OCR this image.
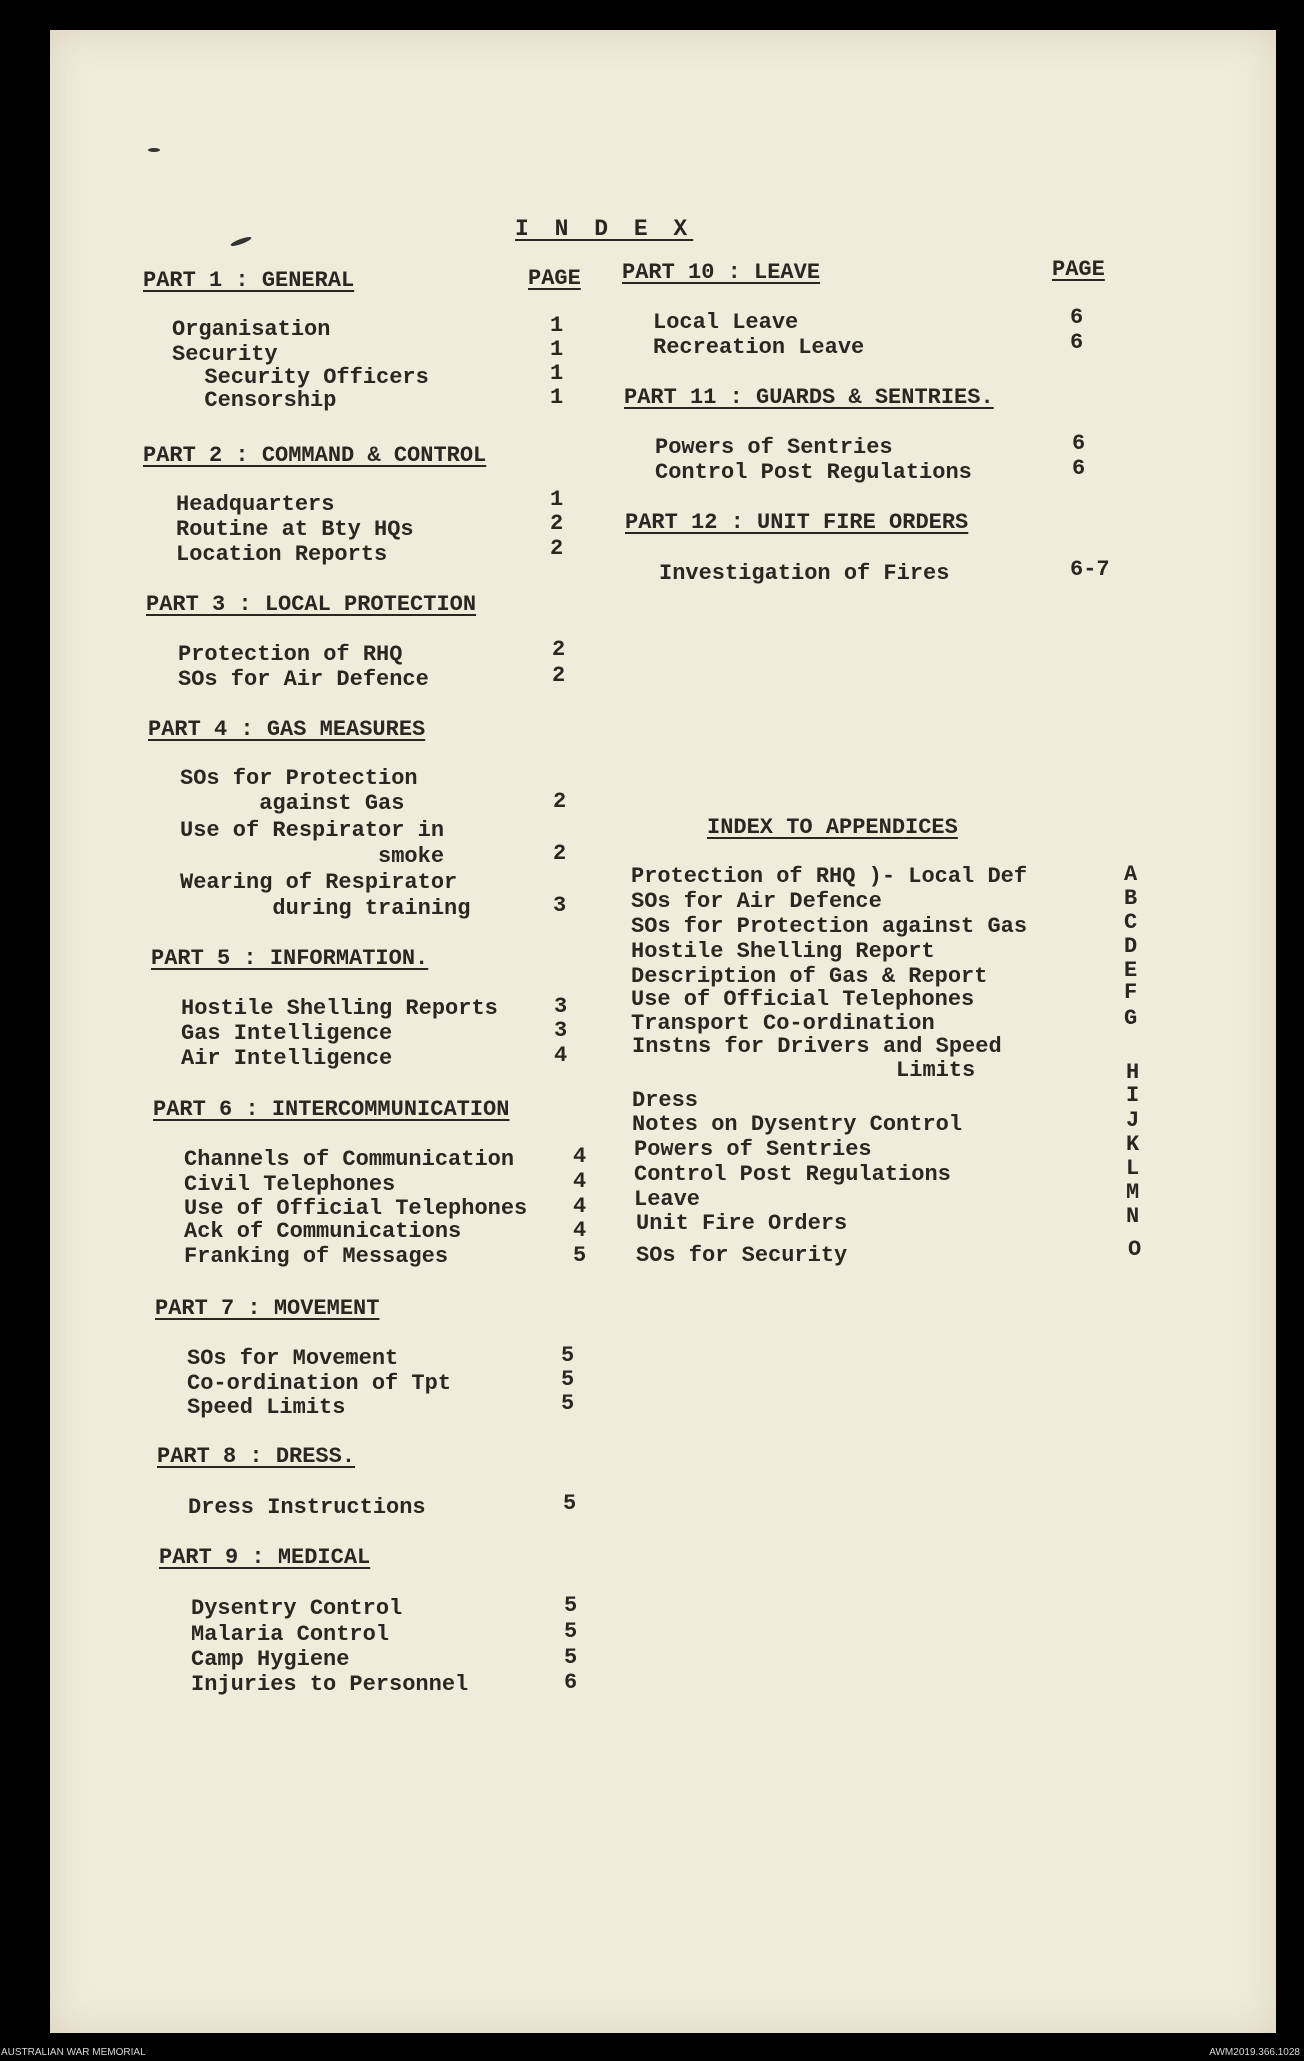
I N D E X
PAGE	PAGE
PART 1 : GENERAL
Organisation	1
Security	1
Security Officers	1
Censorship	1
PART 2 : COMMAND & CONTROL
Headquarters	1
Routine at Bty HQs	2
Location Reports	2
PART 3 : LOCAL PROTECTION
Protection of RHQ	2
SOs for Air Defence	2
PART 4 : GAS MEASURES
SOs for Protection
against Gas	2
Use of Respirator in
smoke	2
Wearing of Respirator
during training	3
PART 5 : INFORMATION.
Hostile Shelling Reports	3
Gas Intelligence	3
Air Intelligence	4
PART 6 : INTERCOMMUNICATION
Channels of Communication	4
Civil Telephones	4
Use of Official Telephones 4
Ack of Communications	4
Franking of Messages	5
PART 7 : MOVEMENT
SOs for Movement	5
Co-ordination of Tpt	5
Speed Limits	5
PART 8 : DRESS.
Dress Instructions	5
PART 9 : MEDICAL
Dysentry Control	5
Malaria Control	5
Camp Hygiene	5
Injuries to Personnel	6
PART 10 : LEAVE
Local Leave	6
Recreation Leave	6
PART 11 : GUARDS & SENTRIES.
Powers of Sentries	6
Control Post Regulations	6
PART 12 : UNIT FIRE ORDERS
Investigation of Fires	6-7
INDEX TO APPENDICES
Protection of RHQ )- Local Def	A
SOs for Air Defence	B
SOs for Protection against Gas	C
Hostile Shelling Report	D
Description of Gas & Report	E
Use of Official Telephones	F
Transport Co-ordination	G
Instns for Drivers and Speed
Limits	H
Dress	I
Notes on Dysentry Control	J
Powers of Sentries	K
Control Post Regulations	L
Leave	M
Unit Fire Orders	N
SOs for Security	O
AUSTRALIAN WAR MEMORIAL	AWM2019.366.1028
